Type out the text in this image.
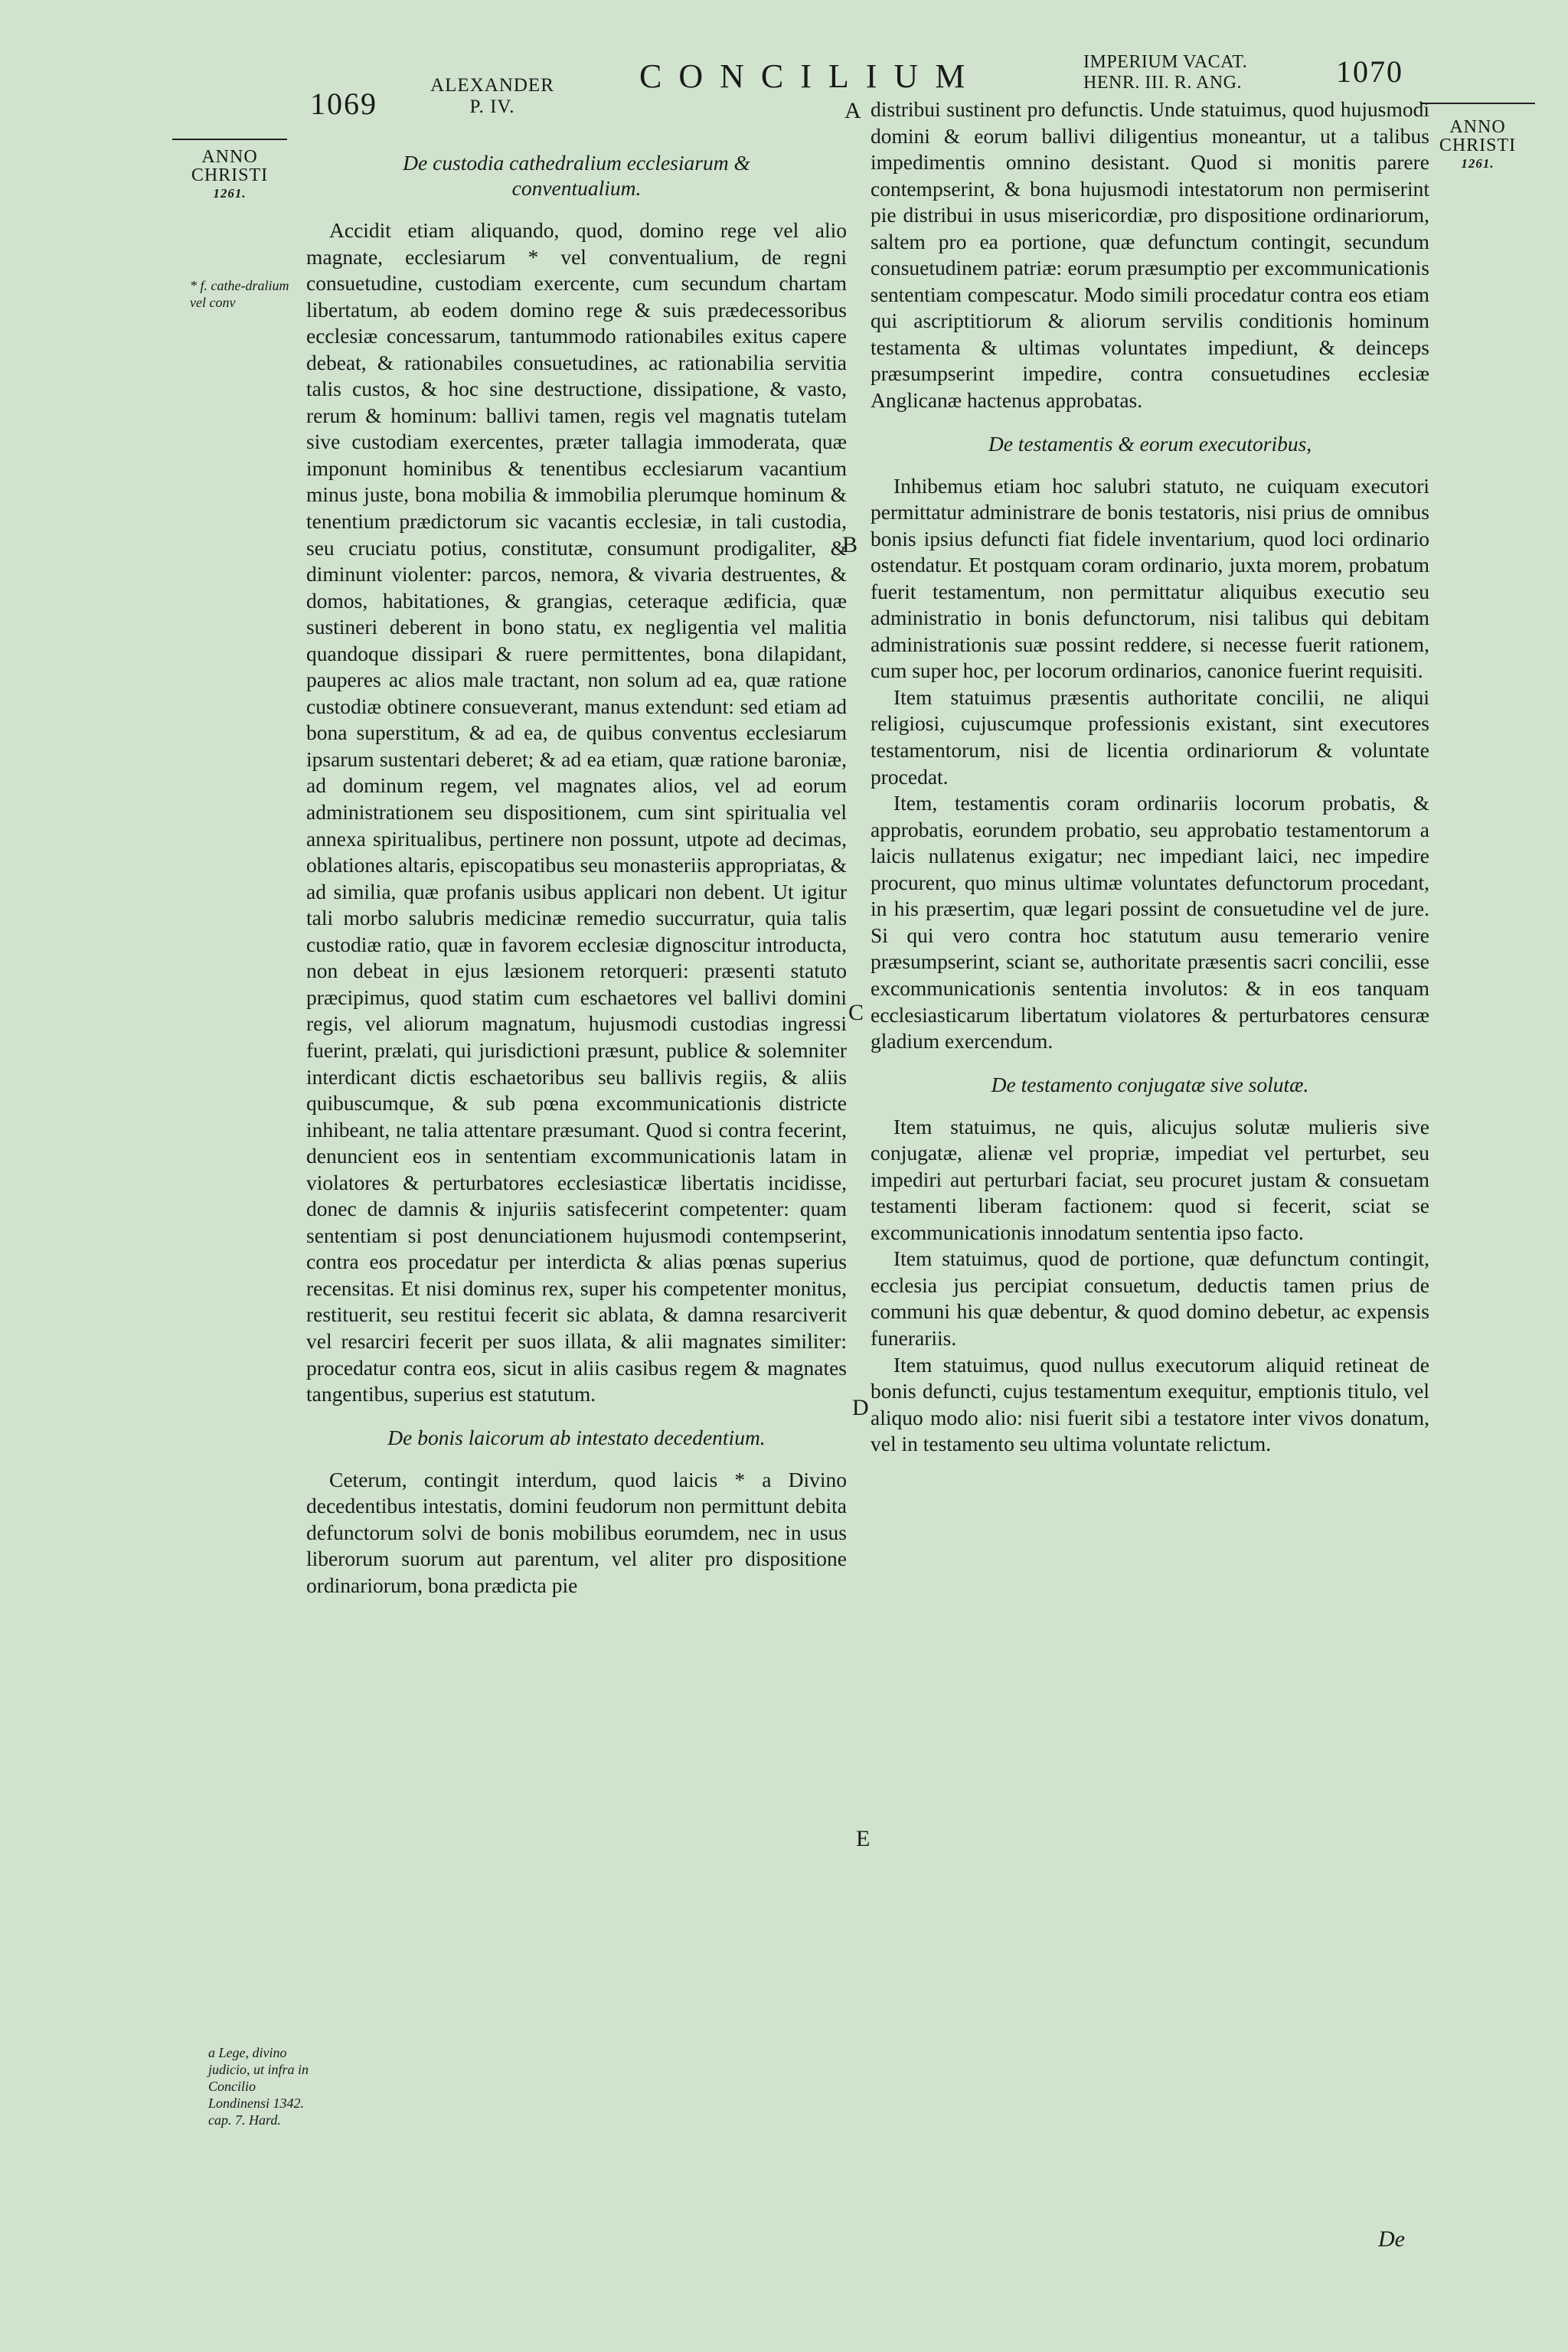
1069
ALEXANDER
P. IV.
CONCILIUM	IMPERIUM VACAT.
HENR. III. R. ANG.	1070
ANNO
CHRISTI
1261.
ANNO
CHRISTI
1261.
* f. cathe-dralium vel conv
a Lege, divino judicio, ut infra in Concilio Londinensi 1342. cap. 7. Hard.
A
B
C
D
E

De custodia cathedralium ecclesiarum & conventualium.

Accidit etiam aliquando, quod, domino rege vel alio magnate, ecclesiarum * vel conventualium, de regni consuetudine, custodiam exercente, cum secundum chartam libertatum, ab eodem domino rege & suis prædecessoribus ecclesiæ concessarum, tantummodo rationabiles exitus capere debeat, & rationabiles consuetudines, ac rationabilia servitia talis custos, & hoc sine destructione, dissipatione, & vasto, rerum & hominum: ballivi tamen, regis vel magnatis tutelam sive custodiam exercentes, præter tallagia immoderata, quæ imponunt hominibus & tenentibus ecclesiarum vacantium minus juste, bona mobilia & immobilia plerumque hominum & tenentium prædictorum sic vacantis ecclesiæ, in tali custodia, seu cruciatu potius, constitutæ, consumunt prodigaliter, & diminunt violenter: parcos, nemora, & vivaria destruentes, & domos, habitationes, & grangias, ceteraque ædificia, quæ sustineri deberent in bono statu, ex negligentia vel malitia quandoque dissipari & ruere permittentes, bona dilapidant, pauperes ac alios male tractant, non solum ad ea, quæ ratione custodiæ obtinere consueverant, manus extendunt: sed etiam ad bona superstitum, & ad ea, de quibus conventus ecclesiarum ipsarum sustentari deberet; & ad ea etiam, quæ ratione baroniæ, ad dominum regem, vel magnates alios, vel ad eorum administrationem seu dispositionem, cum sint spiritualia vel annexa spiritualibus, pertinere non possunt, utpote ad decimas, oblationes altaris, episcopatibus seu monasteriis appropriatas, & ad similia, quæ profanis usibus applicari non debent. Ut igitur tali morbo salubris medicinæ remedio succurratur, quia talis custodiæ ratio, quæ in favorem ecclesiæ dignoscitur introducta, non debeat in ejus læsionem retorqueri: præsenti statuto præcipimus, quod statim cum eschaetores vel ballivi domini regis, vel aliorum magnatum, hujusmodi custodias ingressi fuerint, prælati, qui jurisdictioni præsunt, publice & solemniter interdicant dictis eschaetoribus seu ballivis regiis, & aliis quibuscumque, & sub pœna excommunicationis districte inhibeant, ne talia attentare præsumant. Quod si contra fecerint, denuncient eos in sententiam excommunicationis latam in violatores & perturbatores ecclesiasticæ libertatis incidisse, donec de damnis & injuriis satisfecerint competenter: quam sententiam si post denunciationem hujusmodi contempserint, contra eos procedatur per interdicta & alias pœnas superius recensitas. Et nisi dominus rex, super his competenter monitus, restituerit, seu restitui fecerit sic ablata, & damna resarciverit vel resarciri fecerit per suos illata, & alii magnates similiter: procedatur contra eos, sicut in aliis casibus regem & magnates tangentibus, superius est statutum.

De bonis laicorum ab intestato decedentium.

Ceterum, contingit interdum, quod laicis * a Divino decedentibus intestatis, domini feudorum non permittunt debita defunctorum solvi de bonis mobilibus eorumdem, nec in usus liberorum suorum aut parentum, vel aliter pro dispositione ordinariorum, bona prædicta pie

distribui sustinent pro defunctis. Unde statuimus, quod hujusmodi domini & eorum ballivi diligentius moneantur, ut a talibus impedimentis omnino desistant. Quod si monitis parere contempserint, & bona hujusmodi intestatorum non permiserint pie distribui in usus misericordiæ, pro dispositione ordinariorum, saltem pro ea portione, quæ defunctum contingit, secundum consuetudinem patriæ: eorum præsumptio per excommunicationis sententiam compescatur. Modo simili procedatur contra eos etiam qui ascriptitiorum & aliorum servilis conditionis hominum testamenta & ultimas voluntates impediunt, & deinceps præsumpserint impedire, contra consuetudines ecclesiæ Anglicanæ hactenus approbatas.

De testamentis & eorum executoribus,

Inhibemus etiam hoc salubri statuto, ne cuiquam executori permittatur administrare de bonis testatoris, nisi prius de omnibus bonis ipsius defuncti fiat fidele inventarium, quod loci ordinario ostendatur. Et postquam coram ordinario, juxta morem, probatum fuerit testamentum, non permittatur aliquibus executio seu administratio in bonis defunctorum, nisi talibus qui debitam administrationis suæ possint reddere, si necesse fuerit rationem, cum super hoc, per locorum ordinarios, canonice fuerint requisiti.

Item statuimus præsentis authoritate concilii, ne aliqui religiosi, cujuscumque professionis existant, sint executores testamentorum, nisi de licentia ordinariorum & voluntate procedat.

Item, testamentis coram ordinariis locorum probatis, & approbatis, eorundem probatio, seu approbatio testamentorum a laicis nullatenus exigatur; nec impediant laici, nec impedire procurent, quo minus ultimæ voluntates defunctorum procedant, in his præsertim, quæ legari possint de consuetudine vel de jure. Si qui vero contra hoc statutum ausu temerario venire præsumpserint, sciant se, authoritate præsentis sacri concilii, esse excommunicationis sententia involutos: & in eos tanquam ecclesiasticarum libertatum violatores & perturbatores censuræ gladium exercendum.

De testamento conjugatæ sive solutæ.

Item statuimus, ne quis, alicujus solutæ mulieris sive conjugatæ, alienæ vel propriæ, impediat vel perturbet, seu impediri aut perturbari faciat, seu procuret justam & consuetam testamenti liberam factionem: quod si fecerit, sciat se excommunicationis innodatum sententia ipso facto.

Item statuimus, quod de portione, quæ defunctum contingit, ecclesia jus percipiat consuetum, deductis tamen prius de communi his quæ debentur, & quod domino debetur, ac expensis funerariis.

Item statuimus, quod nullus executorum aliquid retineat de bonis defuncti, cujus testamentum exequitur, emptionis titulo, vel aliquo modo alio: nisi fuerit sibi a testatore inter vivos donatum, vel in testamento seu ultima voluntate relictum.

De
